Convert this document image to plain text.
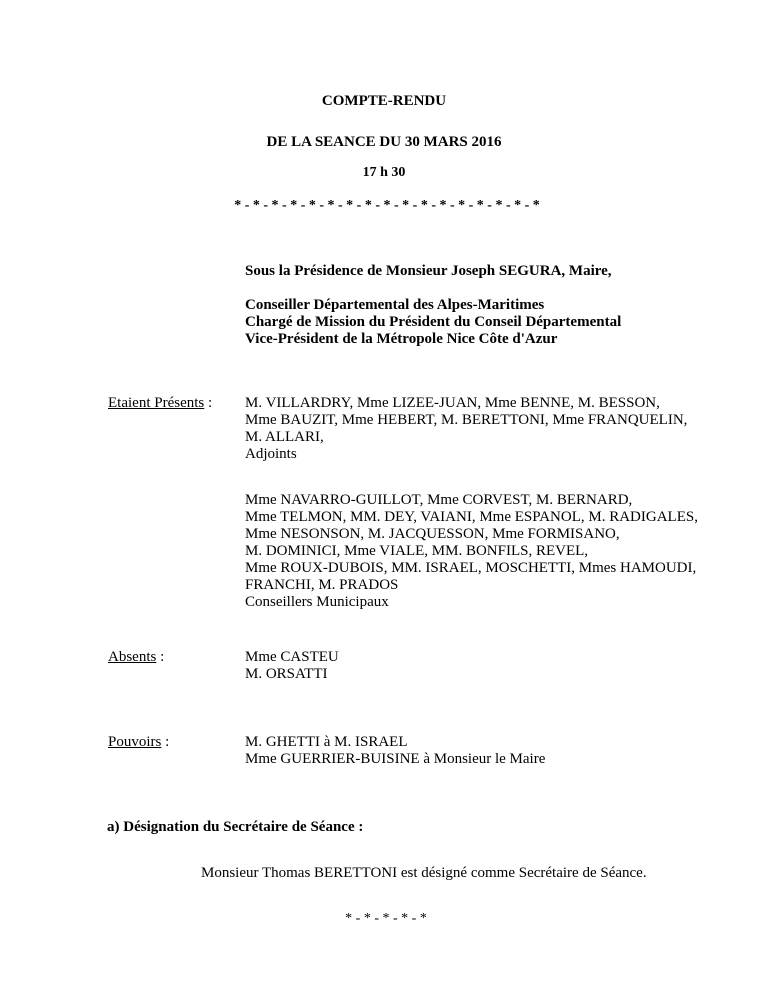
COMPTE-RENDU
DE LA SEANCE DU 30 MARS 2016
17 h 30
* - * - * - * - * - * - * - * - * - * - * - * - * - * - * - * - *
Sous la Présidence de Monsieur Joseph SEGURA, Maire,
Conseiller Départemental des Alpes-Maritimes
Chargé de Mission du Président du Conseil Départemental
Vice-Président de la Métropole Nice Côte d'Azur
Etaient Présents : M. VILLARDRY, Mme LIZEE-JUAN, Mme BENNE, M. BESSON,
Mme BAUZIT, Mme HEBERT, M. BERETTONI, Mme FRANQUELIN,
M. ALLARI,
Adjoints
Mme NAVARRO-GUILLOT, Mme CORVEST, M. BERNARD,
Mme TELMON, MM. DEY, VAIANI, Mme ESPANOL, M. RADIGALES,
Mme NESONSON, M. JACQUESSON, Mme FORMISANO,
M. DOMINICI, Mme VIALE, MM. BONFILS, REVEL,
Mme ROUX-DUBOIS, MM. ISRAEL, MOSCHETTI, Mmes HAMOUDI,
FRANCHI, M. PRADOS
Conseillers Municipaux
Absents :	Mme CASTEU
M. ORSATTI
Pouvoirs :	M. GHETTI à M. ISRAEL
Mme GUERRIER-BUISINE à Monsieur le Maire
a) Désignation du Secrétaire de Séance :
Monsieur Thomas BERETTONI est désigné comme Secrétaire de Séance.
* - * - * - * - *
